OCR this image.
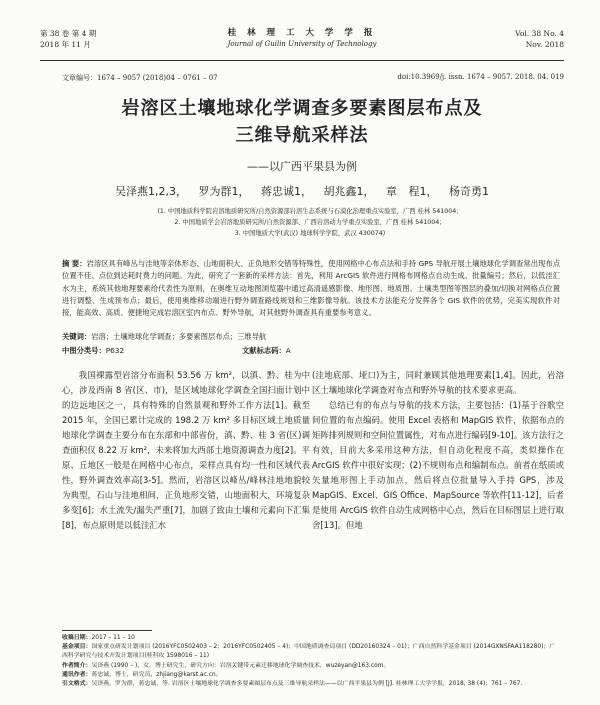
第 38 卷 第 4 期
2018 年 11 月
桂 林 理 工 大 学 学 报
Journal of Guilin University of Technology
Vol. 38 No. 4
Nov. 2018
文章编号：1674 – 9057 (2018)04 – 0761 – 07	doi:10.3969/j. issn. 1674 – 9057. 2018. 04. 019
岩溶区土壤地球化学调查多要素图层布点及
三维导航采样法
——以广西平果县为例
吴泽燕1,2,3， 罗为群1， 蒋忠诚1， 胡兆鑫1， 章 程1， 杨奇勇1
(1. 中国地质科学院岩溶地质研究所/自然资源部岩溶生态系统与石漠化治理重点实验室，广西 桂林 541004；
2. 中国地质学会岩溶地质研究所/自然资源部、广西岩溶动力学重点实验室，广西 桂林 541004；
3. 中国地质大学(武汉) 地球科学学院，武汉 430074)
摘 要：岩溶区具有峰丛与洼地等亲体形态、山地面积大、正负地形交错等特殊性，使用网格中心布点法和手持 GPS 导航开展土壤地球化学调查常出现布点位置不佳、点位到达耗时费力的问题。为此，研究了一套新的采样方法：首先，利用 ArcGIS 软件进行网格布网格点自动生成、批量编号；然后，以低洼汇水为主，系统其他地理要素给代表性为原则，在奥维互动地图浏览器中通过高清遥感影像、地形图、地质图、土壤类型图等图层的叠加/切换对网格点位置进行调整、生成预布点；最后，使用奥维移动端进行野外调查路线规划和三维影像导航。该技术方法能充分发挥各个 GIS 软件的优势，完美实现软件对接，能高效、高质、便捷地完成岩溶区室内布点、野外导航，对其他野外调查具有重要参考意义。
关键词：岩溶；土壤地球化学调查；多要素图层布点；三维导航
中图分类号：P632	文献标志码：A

我国裸露型岩溶分布面积 53.56 万 km²，以滇、黔、桂为中心，涉及西南 8 省(区、市)，是区域地球化学调查全国扫面计划中的边远地区之一，具有特殊的自然景观和野外工作方法[1]。截至 2015 年，全国已累计完成的 198.2 万 km² 多目标区域土地质量地球化学调查主要分布在东部和中部省份，滇、黔、桂 3 省(区)调查面积仅 8.22 万 km²，未来将加大西部土地资源调查力度[2]。平原、丘地区一般是在网格中心布点，采样点具有均一性和区域代表性，野外调查效率高[3-5]。然而，岩溶区以峰丛/峰林洼地地貌较为典型，石山与洼地相间，正负地形交错，山地面积大，环境复杂多变[6]；水土流失/漏失严重[7]，加剧了致由土壤和元素向下汇集[8]，布点原则是以低洼汇水

(洼地底部、垭口)为主，同时兼顾其他地理要素[1,4]。因此，岩溶区土壤地球化学调查对布点和野外导航的技术要求更高。

总结已有的布点与导航的技术方法，主要包括：(1)基于谷歌空间位置的布点编码。使用 Excel 表格和 MapGIS 软件，依据布点的矩阵排列规则和空间位置属性，对布点进行编码[9-10]。该方法行之有效，目前大多采用这种方法，但自动化程度不高，类似操作在 ArcGIS 软件中很好实现；(2)不规则布点和编制布点。前者在纸质或矢量地形图上手动加点，然后将点位批量导入手持 GPS，涉及 MapGIS、Excel、GIS Office、MapSource 等软件[11-12]，后者是使用 ArcGIS 软件自动生成网格中心点，然后在目标图层上进行取舍[13]。但地

收稿日期：2017 – 11 – 10
基金项目：国家重点研发计划项目 (2016YFC0502403 – 2；2016YFC0502405 – 4)；中国地质调查局项目 (DD20160324 – 01)；广西自然科学基金项目 (2014GXNSFAA118280)；广西科学研究与技术开发计划项目(桂科攻 1598016 – 11)
作者简介：吴泽燕 (1990 – )，女，博士研究生，研究方向：岩溶关键带元素迁移地球化学调查技术，wuzeyan@163.com。
通讯作者：蒋忠诚，博士，研究员，zhjiang@karst.ac.cn。
引文格式：吴泽燕，罗为群，蒋忠诚，等. 岩溶区土壤地球化学调查多要素图层布点及三维导航采样法——以广西平果县为例 [J]. 桂林理工大学学报，2018, 38 (4)：761 – 767.
